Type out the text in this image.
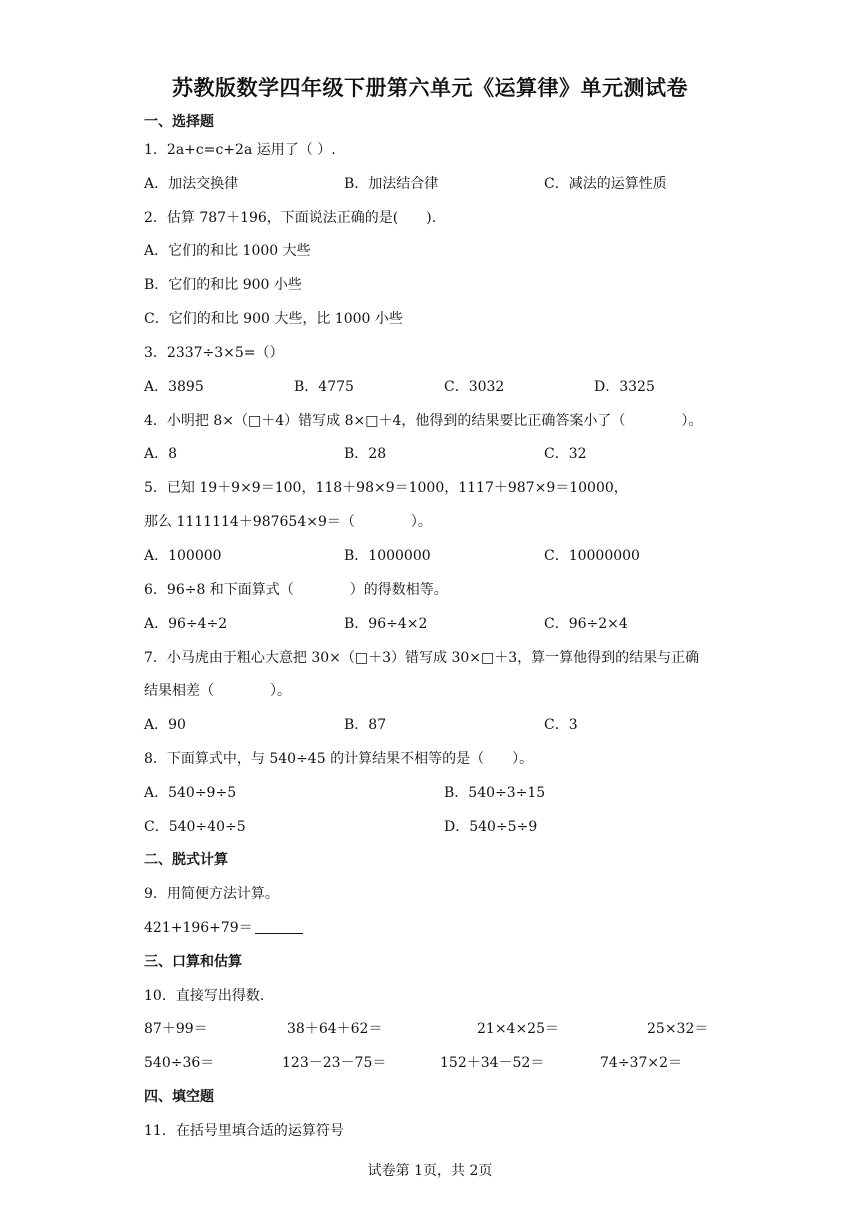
苏教版数学四年级下册第六单元《运算律》单元测试卷
一、选择题
1．2a+c=c+2a 运用了（ ）.
A．加法交换律	B．加法结合律	C．减法的运算性质
2．估算 787＋196，下面说法正确的是(　　).
A．它们的和比 1000 大些
B．它们的和比 900 小些
C．它们的和比 900 大些，比 1000 小些
3．2337÷3×5=（）
A．3895	B．4775	C．3032	D．3325
4．小明把 8×（□＋4）错写成 8×□＋4，他得到的结果要比正确答案小了（　　　　）。
A．8	B．28	C．32
5．已知 19＋9×9＝100，118＋98×9＝1000，1117＋987×9＝10000，
那么 1111114＋987654×9＝（　　　　）。
A．100000	B．1000000	C．10000000
6．96÷8 和下面算式（　　　　）的得数相等。
A．96÷4÷2	B．96÷4×2	C．96÷2×4
7．小马虎由于粗心大意把 30×（□＋3）错写成 30×□＋3，算一算他得到的结果与正确
结果相差（　　　　）。
A．90	B．87	C．3
8．下面算式中，与 540÷45 的计算结果不相等的是（　　）。
A．540÷9÷5	B．540÷3÷15
C．540÷40÷5	D．540÷5÷9
二、脱式计算
9．用简便方法计算。
421+196+79＝
三、口算和估算
10．直接写出得数.
87＋99＝	38＋64＋62＝	21×4×25＝	25×32＝
540÷36＝	123－23－75＝	152＋34－52＝	74÷37×2＝
四、填空题
11．在括号里填合适的运算符号
试卷第 1页，共 2页
